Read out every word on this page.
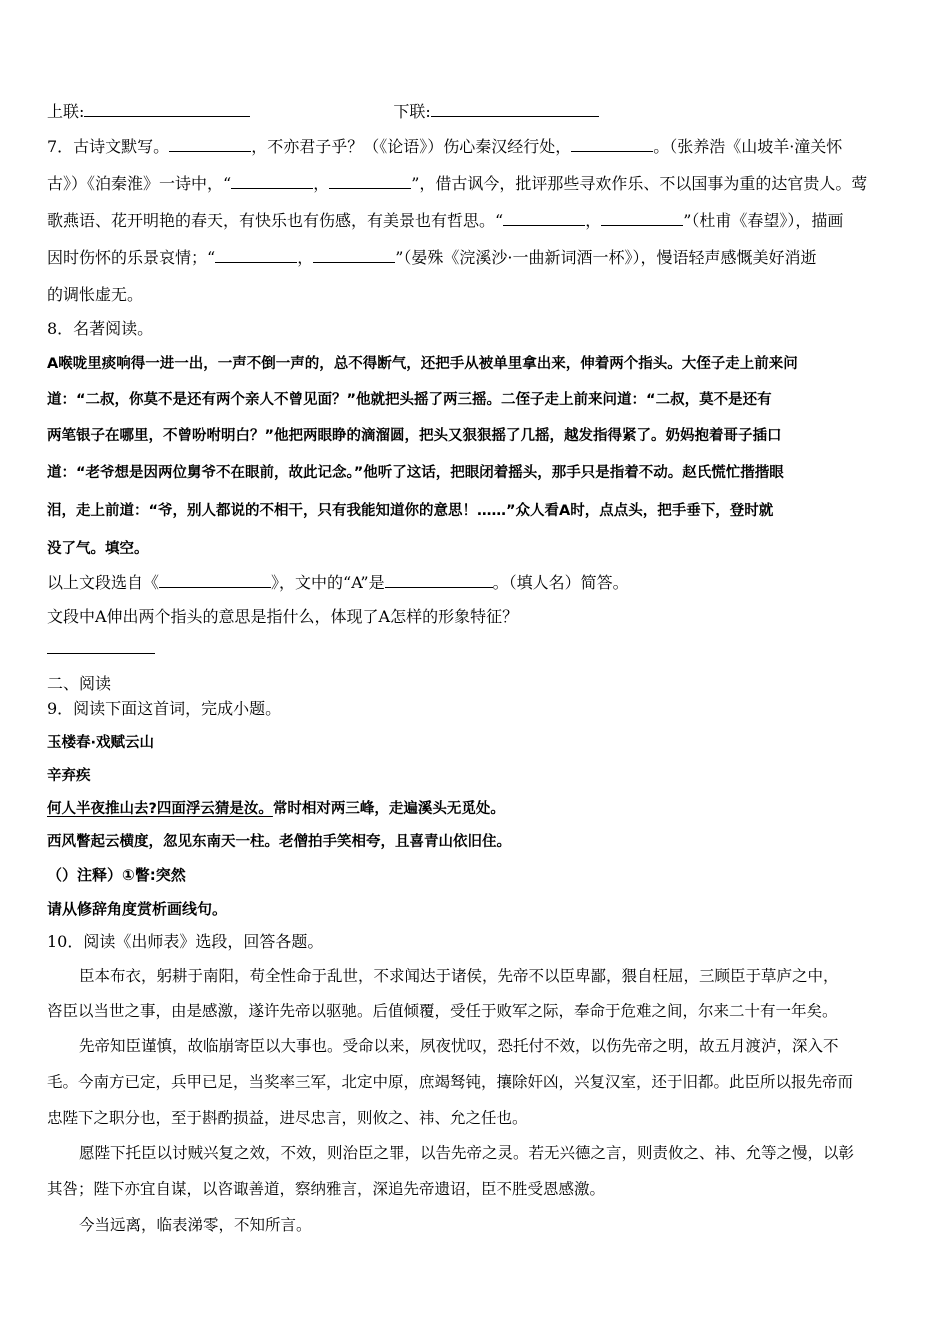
上联:	下联:
7．古诗文默写。	，不亦君子乎？（《论语》）伤心秦汉经行处，	。（张养浩《山坡羊·潼关怀
古》）《泊秦淮》一诗中，“	，	”，借古讽今，批评那些寻欢作乐、不以国事为重的达官贵人。莺
歌燕语、花开明艳的春天，有快乐也有伤感，有美景也有哲思。“	，	”（杜甫《春望》），描画
因时伤怀的乐景哀情；“	，	”（晏殊《浣溪沙·一曲新词酒一杯》），慢语轻声感慨美好消逝
的调怅虚无。
8．名著阅读。
A喉咙里痰响得一进一出，一声不倒一声的，总不得断气，还把手从被单里拿出来，伸着两个指头。大侄子走上前来问
道：“二叔，你莫不是还有两个亲人不曾见面？”他就把头摇了两三摇。二侄子走上前来问道：“二叔，莫不是还有
两笔银子在哪里，不曾吩咐明白？”他把两眼睁的滴溜圆，把头又狠狠摇了几摇，越发指得紧了。奶妈抱着哥子插口
道：“老爷想是因两位舅爷不在眼前，故此记念。”他听了这话，把眼闭着摇头，那手只是指着不动。赵氏慌忙揩揩眼
泪，走上前道：“爷，别人都说的不相干，只有我能知道你的意思！……”众人看A时，点点头，把手垂下，登时就
没了气。填空。
以上文段选自《	》，文中的“A”是	。（填人名）简答。
文段中A伸出两个指头的意思是指什么，体现了A怎样的形象特征？
二、阅读
9．阅读下面这首词，完成小题。
玉楼春·戏赋云山
辛弃疾
何人半夜推山去?四面浮云猜是汝。常时相对两三峰，走遍溪头无觅处。
西风瞥起云横度，忽见东南天一柱。老僧拍手笑相夸，且喜青山依旧住。
（）注释）①瞥:突然
请从修辞角度赏析画线句。
10．阅读《出师表》选段，回答各题。
臣本布衣，躬耕于南阳，苟全性命于乱世，不求闻达于诸侯，先帝不以臣卑鄙，猥自枉屈，三顾臣于草庐之中，
咨臣以当世之事，由是感激，遂许先帝以驱驰。后值倾覆，受任于败军之际，奉命于危难之间，尔来二十有一年矣。
先帝知臣谨慎，故临崩寄臣以大事也。受命以来，夙夜忧叹，恐托付不效，以伤先帝之明，故五月渡泸，深入不
毛。今南方已定，兵甲已足，当奖率三军，北定中原，庶竭驽钝，攘除奸凶，兴复汉室，还于旧都。此臣所以报先帝而
忠陛下之职分也，至于斟酌损益，进尽忠言，则攸之、祎、允之任也。
愿陛下托臣以讨贼兴复之效，不效，则治臣之罪，以告先帝之灵。若无兴德之言，则责攸之、祎、允等之慢，以彰
其咎；陛下亦宜自谋，以咨诹善道，察纳雅言，深追先帝遗诏，臣不胜受恩感激。
今当远离，临表涕零，不知所言。
